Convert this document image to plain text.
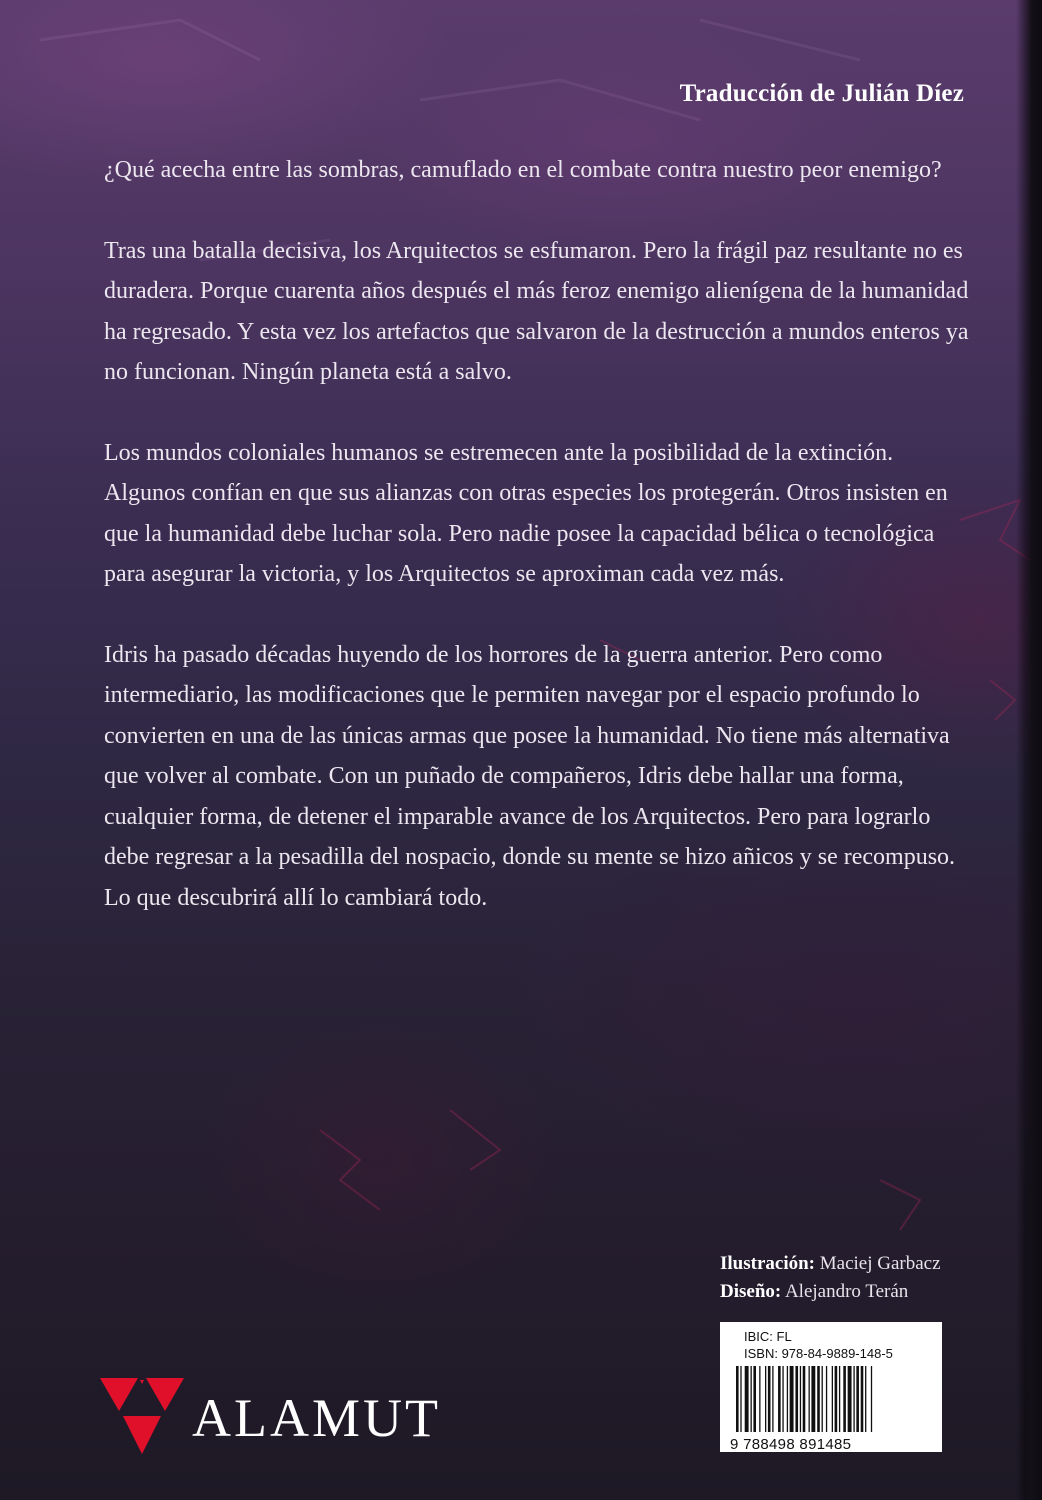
Traducción de Julián Díez

¿Qué acecha entre las sombras, camuflado en el combate contra nuestro peor enemigo?

Tras una batalla decisiva, los Arquitectos se esfumaron. Pero la frágil paz resultante no es duradera. Porque cuarenta años después el más feroz enemigo alienígena de la humanidad ha regresado. Y esta vez los artefactos que salvaron de la destrucción a mundos enteros ya no funcionan. Ningún planeta está a salvo.

Los mundos coloniales humanos se estremecen ante la posibilidad de la extinción. Algunos confían en que sus alianzas con otras especies los protegerán. Otros insisten en que la humanidad debe luchar sola. Pero nadie posee la capacidad bélica o tecnológica para asegurar la victoria, y los Arquitectos se aproximan cada vez más.

Idris ha pasado décadas huyendo de los horrores de la guerra anterior. Pero como intermediario, las modificaciones que le permiten navegar por el espacio profundo lo convierten en una de las únicas armas que posee la humanidad. No tiene más alternativa que volver al combate. Con un puñado de compañeros, Idris debe hallar una forma, cualquier forma, de detener el imparable avance de los Arquitectos. Pero para lograrlo debe regresar a la pesadilla del nospacio, donde su mente se hizo añicos y se recompuso. Lo que descubrirá allí lo cambiará todo.

Ilustración: Maciej Garbacz
Diseño: Alejandro Terán
ALAMUT
IBIC: FL
ISBN: 978-84-9889-148-5
9 788498 891485
